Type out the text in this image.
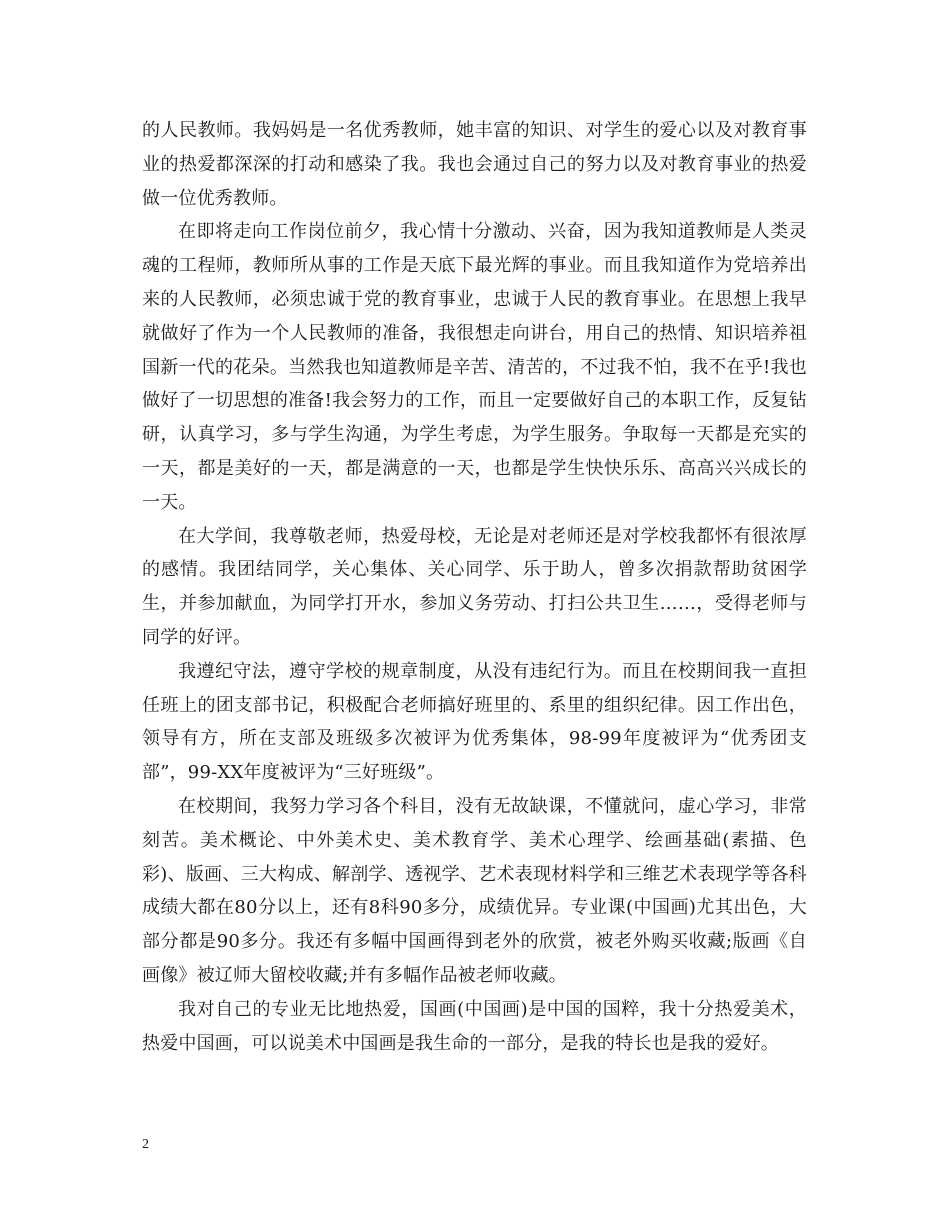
的人民教师。我妈妈是一名优秀教师，她丰富的知识、对学生的爱心以及对教育事业的热爱都深深的打动和感染了我。我也会通过自己的努力以及对教育事业的热爱做一位优秀教师。

在即将走向工作岗位前夕，我心情十分激动、兴奋，因为我知道教师是人类灵魂的工程师，教师所从事的工作是天底下最光辉的事业。而且我知道作为党培养出来的人民教师，必须忠诚于党的教育事业，忠诚于人民的教育事业。在思想上我早就做好了作为一个人民教师的准备，我很想走向讲台，用自己的热情、知识培养祖国新一代的花朵。当然我也知道教师是辛苦、清苦的，不过我不怕，我不在乎!我也做好了一切思想的准备!我会努力的工作，而且一定要做好自己的本职工作，反复钻研，认真学习，多与学生沟通，为学生考虑，为学生服务。争取每一天都是充实的一天，都是美好的一天，都是满意的一天，也都是学生快快乐乐、高高兴兴成长的一天。

在大学间，我尊敬老师，热爱母校，无论是对老师还是对学校我都怀有很浓厚的感情。我团结同学，关心集体、关心同学、乐于助人，曾多次捐款帮助贫困学生，并参加献血，为同学打开水，参加义务劳动、打扫公共卫生……，受得老师与同学的好评。

我遵纪守法，遵守学校的规章制度，从没有违纪行为。而且在校期间我一直担任班上的团支部书记，积极配合老师搞好班里的、系里的组织纪律。因工作出色，领导有方，所在支部及班级多次被评为优秀集体，98-99年度被评为“优秀团支部”，99-XX年度被评为“三好班级”。

在校期间，我努力学习各个科目，没有无故缺课，不懂就问，虚心学习，非常刻苦。美术概论、中外美术史、美术教育学、美术心理学、绘画基础(素描、色彩)、版画、三大构成、解剖学、透视学、艺术表现材料学和三维艺术表现学等各科成绩大都在80分以上，还有8科90多分，成绩优异。专业课(中国画)尤其出色，大部分都是90多分。我还有多幅中国画得到老外的欣赏，被老外购买收藏;版画《自画像》被辽师大留校收藏;并有多幅作品被老师收藏。

我对自己的专业无比地热爱，国画(中国画)是中国的国粹，我十分热爱美术，热爱中国画，可以说美术中国画是我生命的一部分，是我的特长也是我的爱好。

2
